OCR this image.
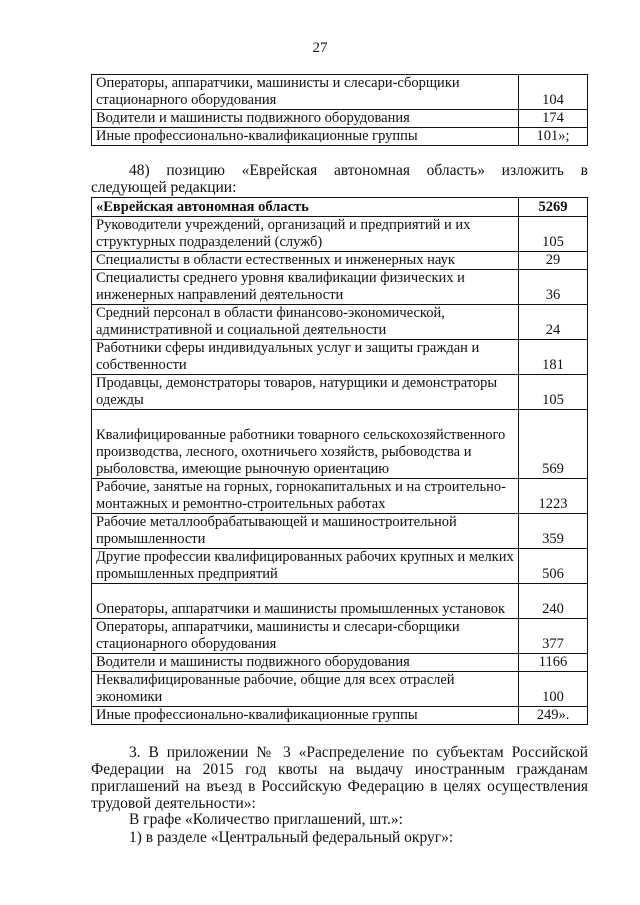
27
Операторы, аппаратчики, машинисты и слесари-сборщики стационарного оборудования	104
Водители и машинисты подвижного оборудования	174
Иные профессионально-квалификационные группы	101»;
48) позицию «Еврейская автономная область» изложить в следующей редакции:
«Еврейская автономная область	5269
Руководители учреждений, организаций и предприятий и их структурных подразделений (служб)	105
Специалисты в области естественных и инженерных наук	29
Специалисты среднего уровня квалификации физических и инженерных направлений деятельности	36
Средний персонал в области финансово-экономической, административной и социальной деятельности	24
Работники сферы индивидуальных услуг и защиты граждан и собственности	181
Продавцы, демонстраторы товаров, натурщики и демонстраторы одежды	105
Квалифицированные работники товарного сельскохозяйственного производства, лесного, охотничьего хозяйств, рыбоводства и рыболовства, имеющие рыночную ориентацию	569
Рабочие, занятые на горных, горнокапитальных и на строительно-монтажных и ремонтно-строительных работах	1223
Рабочие металлообрабатывающей и машиностроительной промышленности	359
Другие профессии квалифицированных рабочих крупных и мелких промышленных предприятий	506
Операторы, аппаратчики и машинисты промышленных установок	240
Операторы, аппаратчики, машинисты и слесари-сборщики стационарного оборудования	377
Водители и машинисты подвижного оборудования	1166
Неквалифицированные рабочие, общие для всех отраслей экономики	100
Иные профессионально-квалификационные группы	249».
3. В приложении № 3 «Распределение по субъектам Российской Федерации на 2015 год квоты на выдачу иностранным гражданам приглашений на въезд в Российскую Федерацию в целях осуществления трудовой деятельности»:
В графе «Количество приглашений, шт.»:
1) в разделе «Центральный федеральный округ»:
